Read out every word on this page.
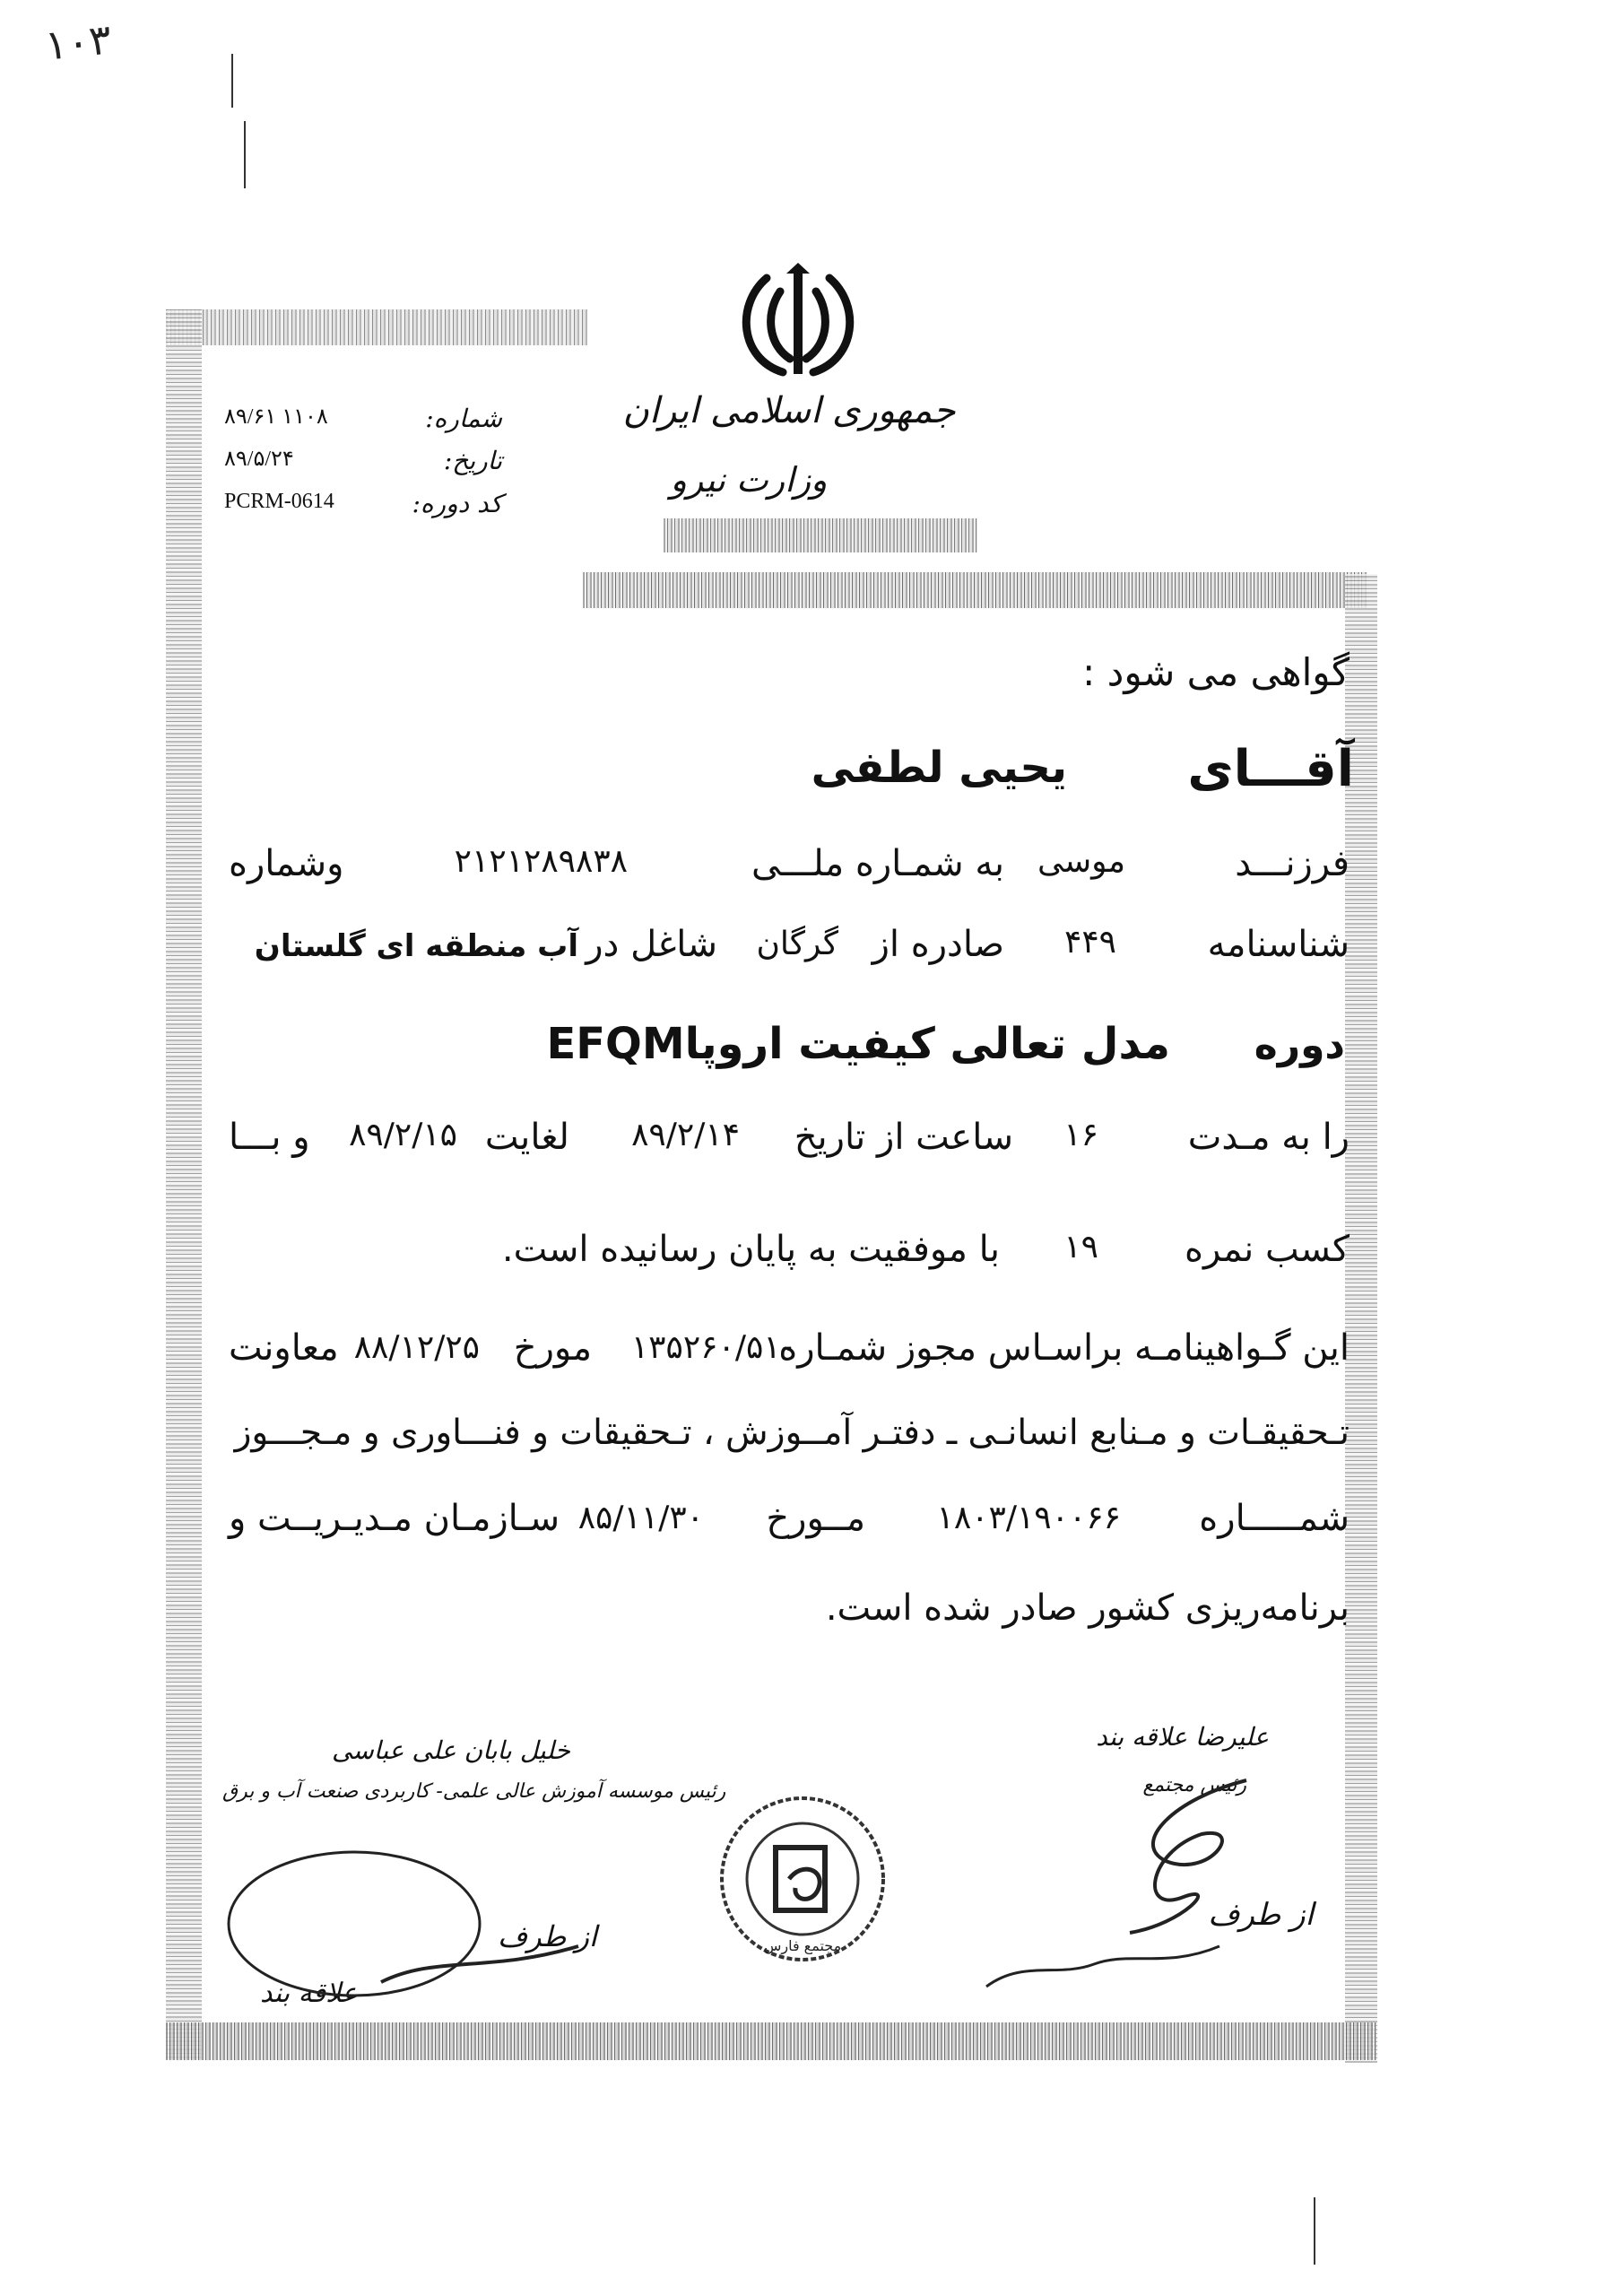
۱۰۳
جمهوری اسلامی ایران
وزارت نیرو
شماره:
۸۹/۶۱ ۱۱۰۸
تاریخ:
۸۹/۵/۲۴
کد دوره:
PCRM-0614
گواهی می شود :
آقـــای
یحیی لطفی
فرزنـــد
موسی
به شمـاره ملـــی
۲۱۲۱۲۸۹۸۳۸
وشماره
شناسنامه
۴۴۹
صادره از
گرگان
شاغل در
آب منطقه ای گلستان
دوره
مدل تعالی کیفیت اروپاEFQM
را به مـدت
۱۶
ساعت از تاریخ
۸۹/۲/۱۴
لغایت
۸۹/۲/۱۵
و بـــا
کسب نمره
۱۹
با موفقیت به پایان رسانیده است.
این گـواهینامـه براسـاس مجوز شمـاره
۱۳۵۲۶۰/۵۱۰
مورخ
۸۸/۱۲/۲۵
معاونت
تـحقیقـات و مـنابع انسانـی ـ دفتـر آمــوزش ، تـحقیقات و فنـــاوری و مـجـــوز
شمـــــاره
۱۸۰۳/۱۹۰۰۶۶
مــورخ
۸۵/۱۱/۳۰
سـازمـان مـدیـریــت و
برنامه‌ریزی کشور صادر شده است.
علیرضا علاقه بند
رئیس مجتمع
از طرف
خلیل بابان علی عباسی
رئیس موسسه آموزش عالی علمی- کاربردی صنعت آب و برق
از طرف
علاقه بند
مجتمع فارس
